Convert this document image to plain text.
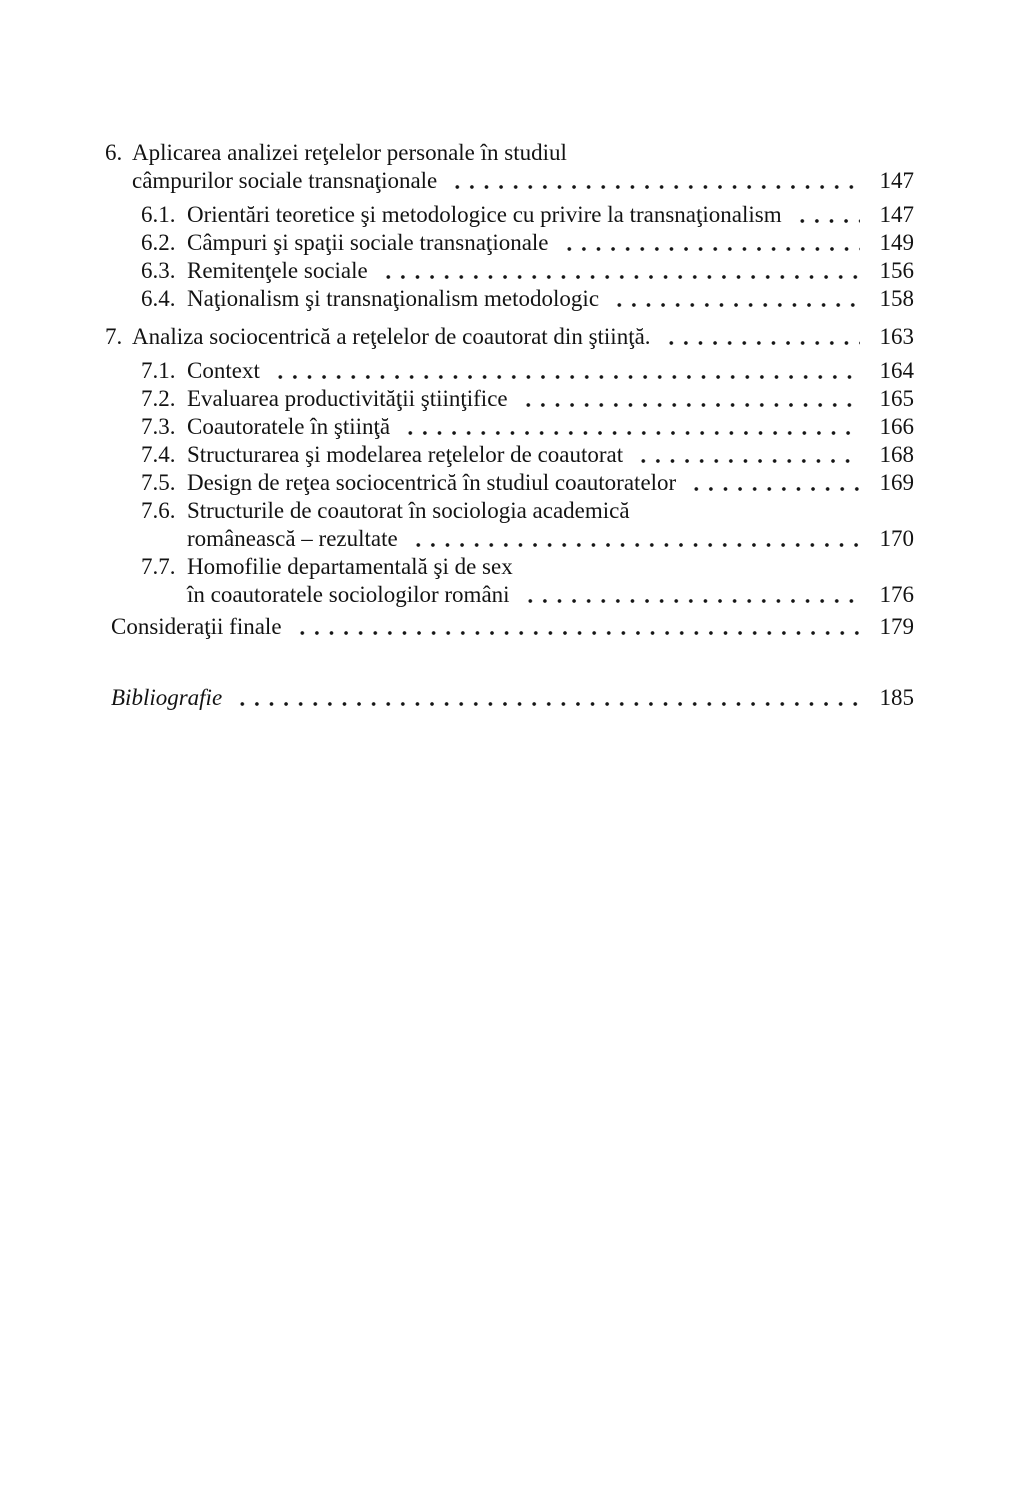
6. Aplicarea analizei reţelelor personale în studiul
câmpurilor sociale transnaţionale	147
6.1. Orientări teoretice şi metodologice cu privire la transnaţionalism	147
6.2. Câmpuri şi spaţii sociale transnaţionale	149
6.3. Remitenţele sociale	156
6.4. Naţionalism şi transnaţionalism metodologic	158
7. Analiza sociocentrică a reţelelor de coautorat din ştiinţă.	163
7.1. Context	164
7.2. Evaluarea productivităţii ştiinţifice	165
7.3. Coautoratele în ştiinţă	166
7.4. Structurarea şi modelarea reţelelor de coautorat	168
7.5. Design de reţea sociocentrică în studiul coautoratelor	169
7.6. Structurile de coautorat în sociologia academică
românească – rezultate	170
7.7. Homofilie departamentală şi de sex
în coautoratele sociologilor români	176
Consideraţii finale	179
Bibliografie	185
